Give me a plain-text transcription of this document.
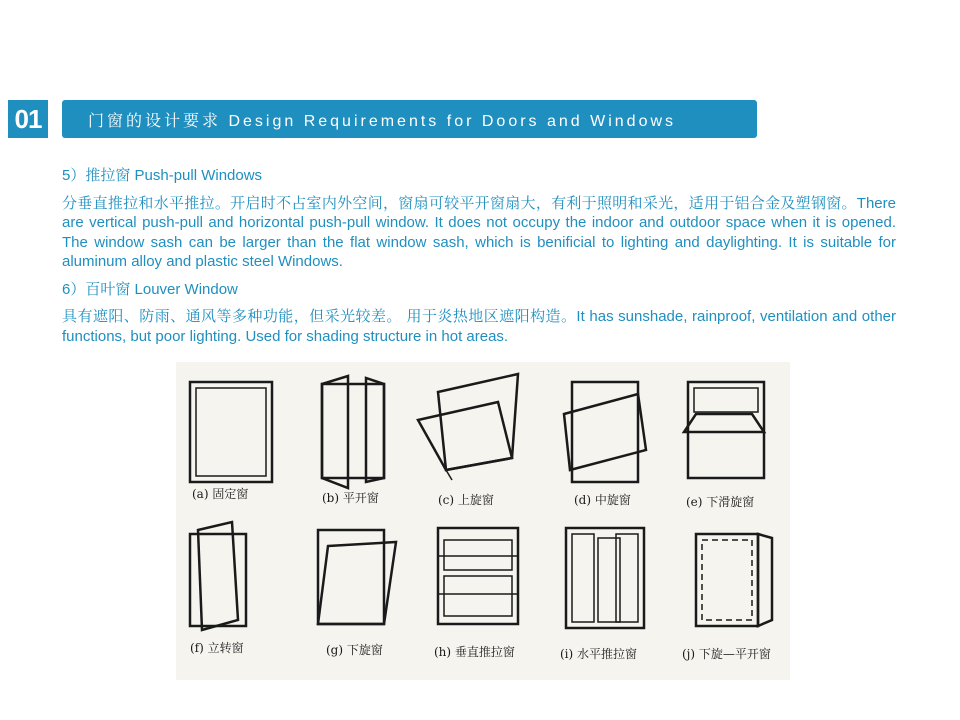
01	门窗的设计要求 Design Requirements for Doors and Windows

5）推拉窗 Push-pull Windows

分垂直推拉和水平推拉。开启时不占室内外空间，窗扇可较平开窗扇大，有利于照明和采光，适用于铝合金及塑钢窗。There are vertical push-pull and horizontal push-pull window. It does not occupy the indoor and outdoor space when it is opened. The window sash can be larger than the flat window sash, which is benificial to lighting and daylighting. It is suitable for aluminum alloy and plastic steel Windows.

6）百叶窗 Louver Window

具有遮阳、防雨、通风等多种功能，但采光较差。 用于炎热地区遮阳构造。It has sunshade, rainproof, ventilation and other functions, but poor lighting. Used for shading structure in hot areas.

(a) 固定窗	(b) 平开窗	(c) 上旋窗	(d) 中旋窗	(e) 下滑旋窗
(f) 立转窗	(g) 下旋窗	(h) 垂直推拉窗	(i) 水平推拉窗	(j) 下旋—平开窗
